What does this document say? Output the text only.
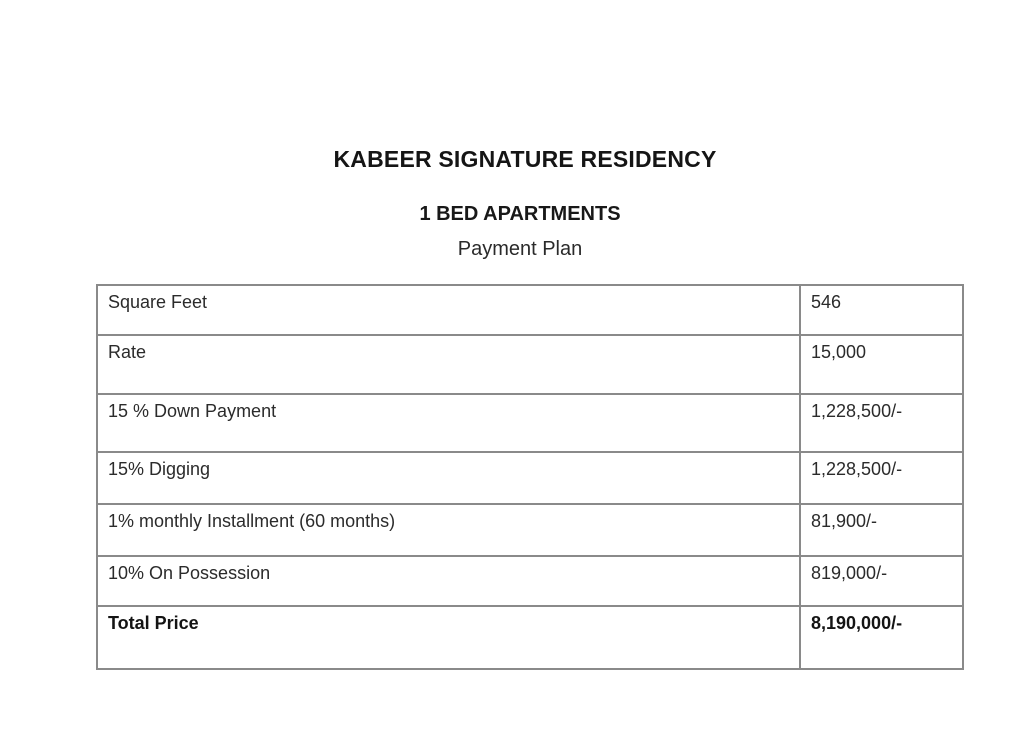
KABEER SIGNATURE RESIDENCY
1 BED APARTMENTS
Payment Plan
Square Feet	546
Rate	15,000
15 % Down Payment	1,228,500/-
15% Digging	1,228,500/-
1% monthly Installment (60 months)	81,900/-
10% On Possession	819,000/-
Total Price	8,190,000/-
